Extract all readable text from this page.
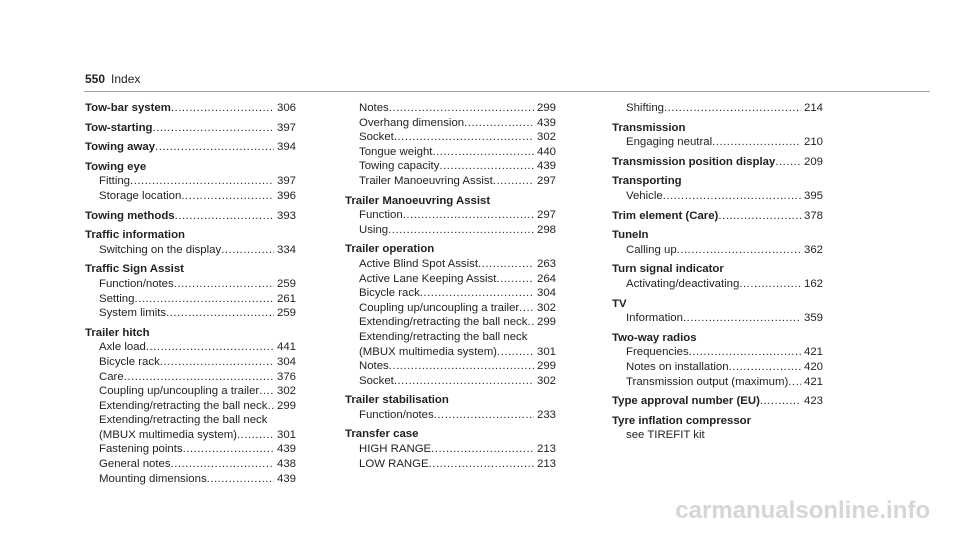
550 Index
Tow-bar system .....	306
Tow-starting .....	397
Towing away .....	394
Towing eye
Fitting .....	397
Storage location .....	396
Towing methods .....	393
Traffic information
Switching on the display .....	334
Traffic Sign Assist
Function/notes .....	259
Setting .....	261
System limits .....	259
Trailer hitch
Axle load .....	441
Bicycle rack .....	304
Care .....	376
Coupling up/uncoupling a trailer ..... 302
Extending/retracting the ball neck ..... 299
Extending/retracting the ball neck
(MBUX multimedia system) .....	301
Fastening points .....	439
General notes .....	438
Mounting dimensions .....	439
Notes .....	299
Overhang dimension .....	439
Socket .....	302
Tongue weight .....	440
Towing capacity .....	439
Trailer Manoeuvring Assist .....	297
Trailer Manoeuvring Assist
Function .....	297
Using .....	298
Trailer operation
Active Blind Spot Assist .....	263
Active Lane Keeping Assist .....	264
Bicycle rack .....	304
Coupling up/uncoupling a trailer ..... 302
Extending/retracting the ball neck ..... 299
Extending/retracting the ball neck
(MBUX multimedia system) .....	301
Notes .....	299
Socket .....	302
Trailer stabilisation
Function/notes .....	233
Transfer case
HIGH RANGE .....	213
LOW RANGE .....	213
Shifting .....	214
Transmission
Engaging neutral .....	210
Transmission position display .....	209
Transporting
Vehicle .....	395
Trim element (Care) .....	378
TuneIn
Calling up .....	362
Turn signal indicator
Activating/deactivating .....	162
TV
Information .....	359
Two-way radios
Frequencies .....	421
Notes on installation .....	420
Transmission output (maximum) ..... 421
Type approval number (EU) .....	423
Tyre inflation compressor
see TIREFIT kit
carmanualsonline.info
